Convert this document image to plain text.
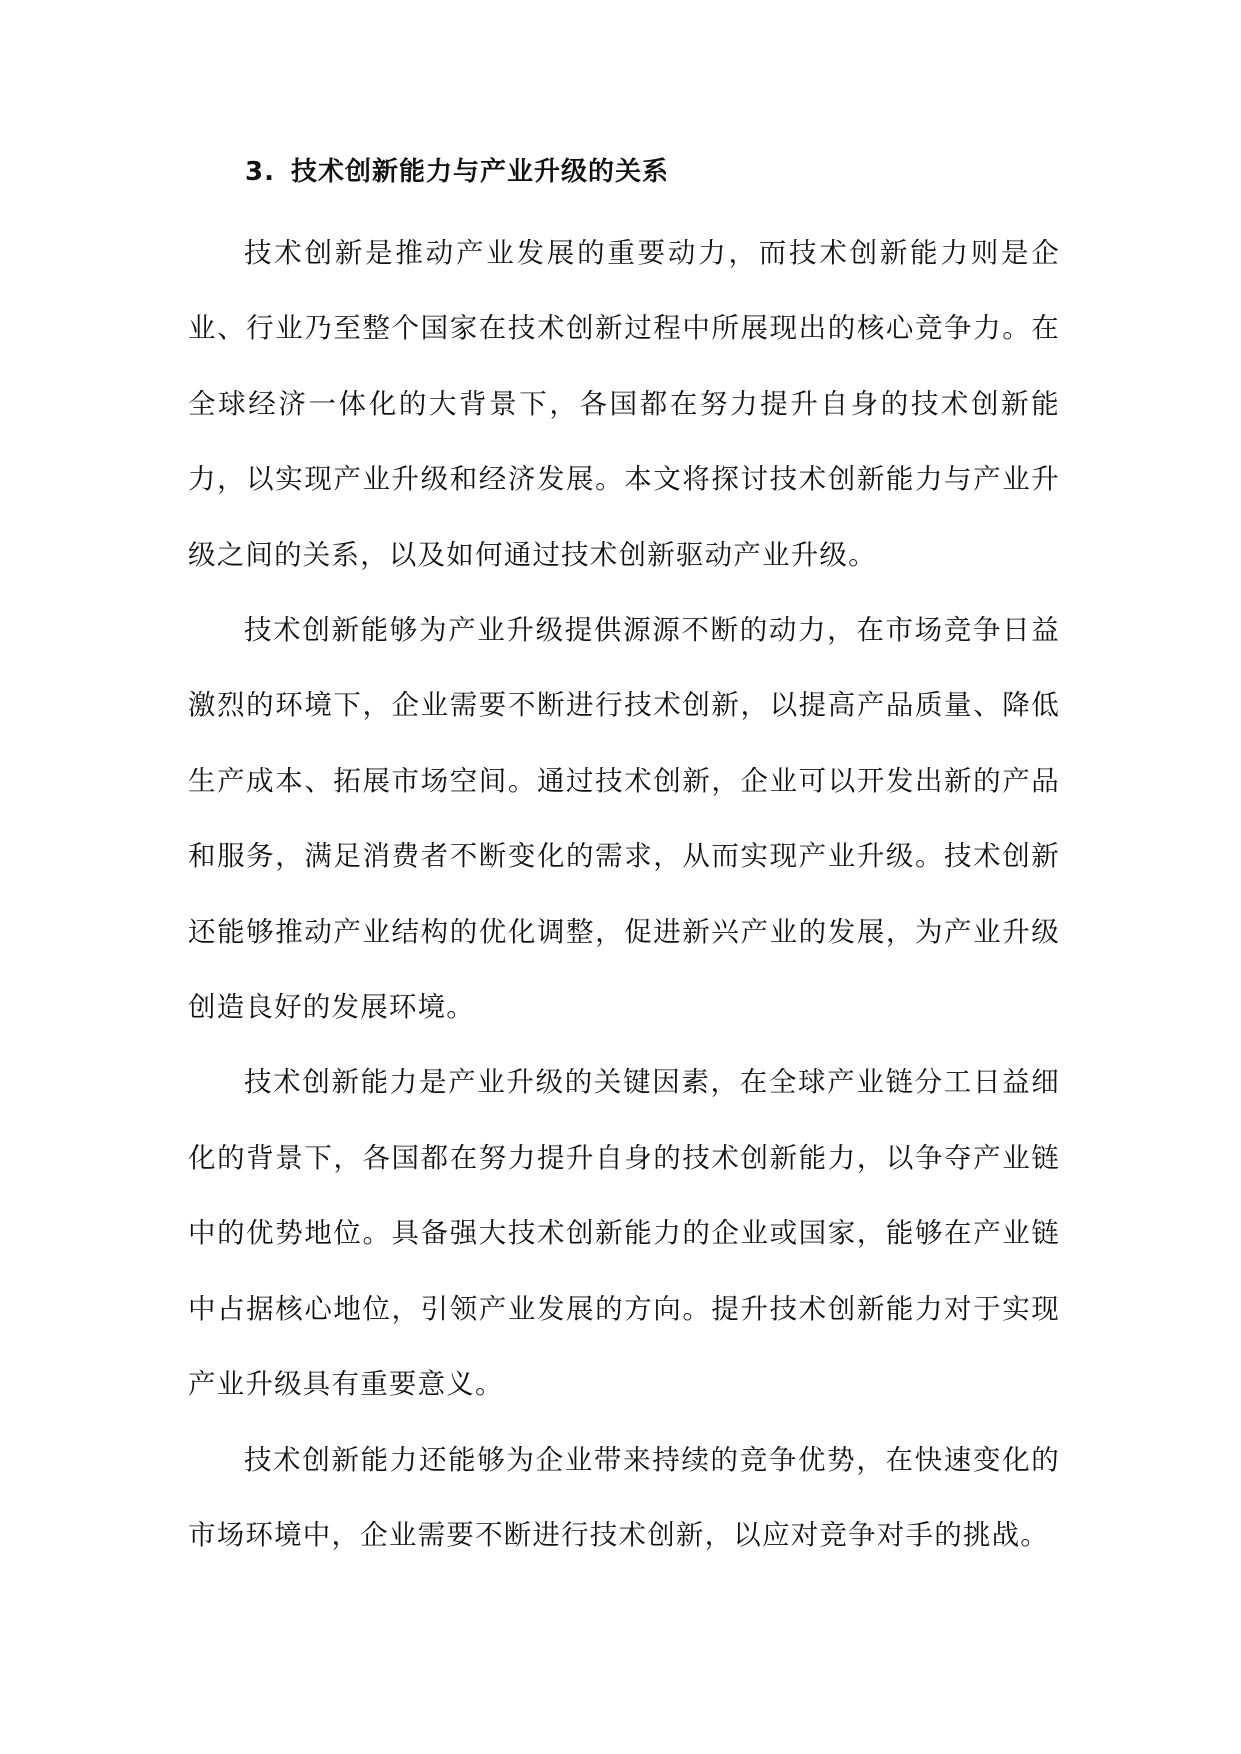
3. 技术创新能力与产业升级的关系

技术创新是推动产业发展的重要动力，而技术创新能力则是企业、行业乃至整个国家在技术创新过程中所展现出的核心竞争力。在全球经济一体化的大背景下，各国都在努力提升自身的技术创新能力，以实现产业升级和经济发展。本文将探讨技术创新能力与产业升级之间的关系，以及如何通过技术创新驱动产业升级。

技术创新能够为产业升级提供源源不断的动力，在市场竞争日益激烈的环境下，企业需要不断进行技术创新，以提高产品质量、降低生产成本、拓展市场空间。通过技术创新，企业可以开发出新的产品和服务，满足消费者不断变化的需求，从而实现产业升级。技术创新还能够推动产业结构的优化调整，促进新兴产业的发展，为产业升级创造良好的发展环境。

技术创新能力是产业升级的关键因素，在全球产业链分工日益细化的背景下，各国都在努力提升自身的技术创新能力，以争夺产业链中的优势地位。具备强大技术创新能力的企业或国家，能够在产业链中占据核心地位，引领产业发展的方向。提升技术创新能力对于实现产业升级具有重要意义。

技术创新能力还能够为企业带来持续的竞争优势，在快速变化的市场环境中，企业需要不断进行技术创新，以应对竞争对手的挑战。
